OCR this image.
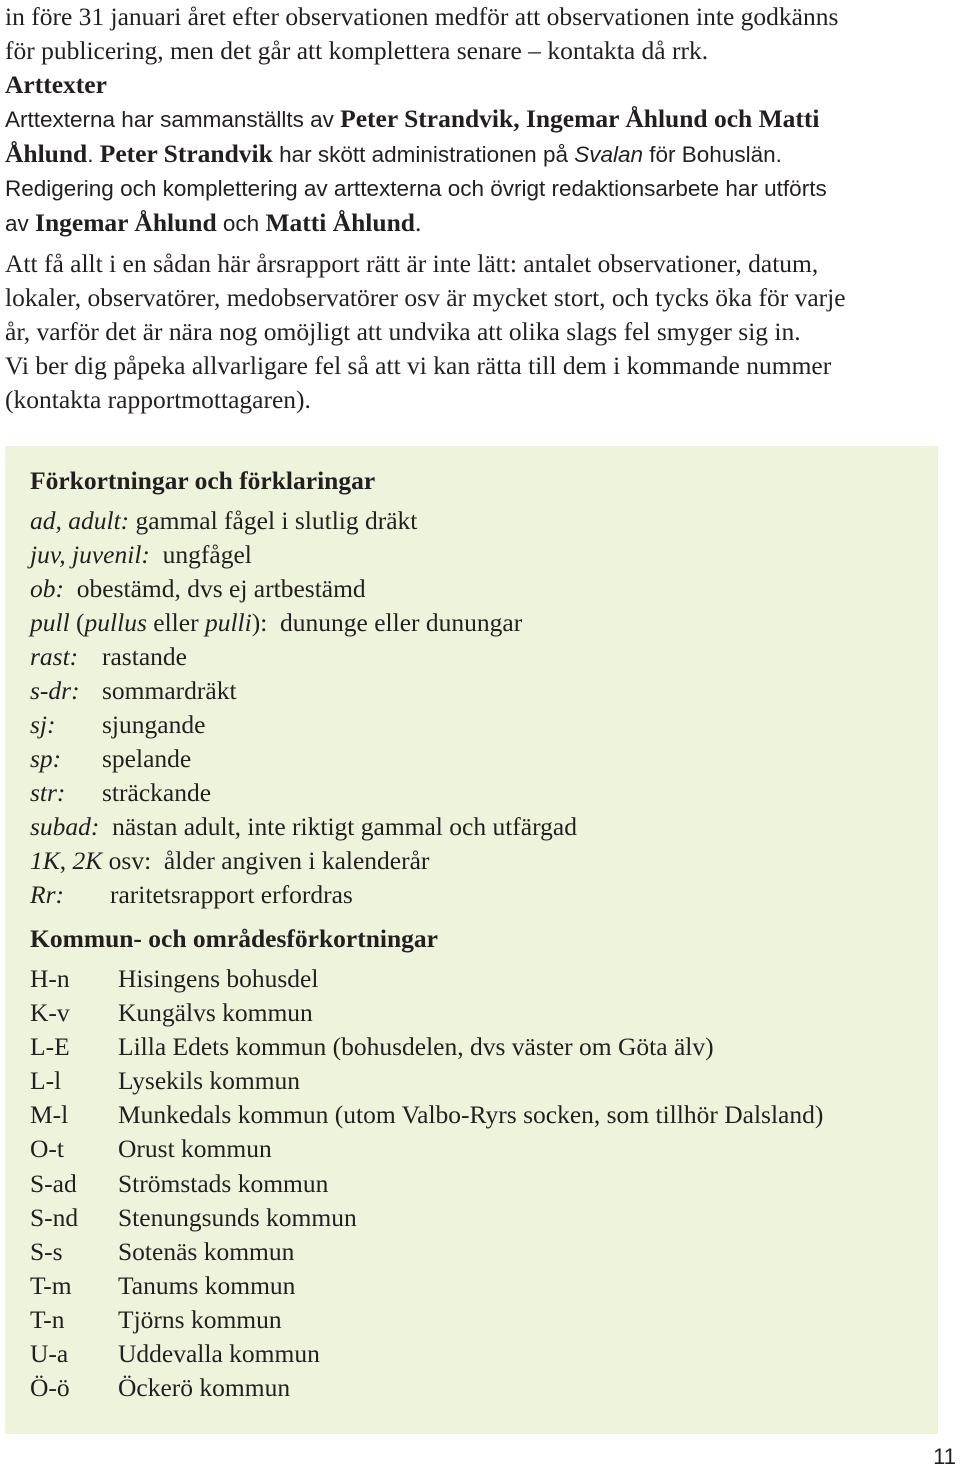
in före 31 januari året efter observationen medför att observationen inte godkänns
för publicering, men det går att komplettera senare – kontakta då rrk.
Arttexter
Arttexterna har sammanställts av Peter Strandvik, Ingemar Åhlund och Matti
Åhlund. Peter Strandvik har skött administrationen på Svalan för Bohuslän.
Redigering och komplettering av arttexterna och övrigt redaktionsarbete har utförts
av Ingemar Åhlund och Matti Åhlund.
Att få allt i en sådan här årsrapport rätt är inte lätt: antalet observationer, datum,
lokaler, observatörer, medobservatörer osv är mycket stort, och tycks öka för varje
år, varför det är nära nog omöjligt att undvika att olika slags fel smyger sig in.
Vi ber dig påpeka allvarligare fel så att vi kan rätta till dem i kommande nummer
(kontakta rapportmottagaren).
Förkortningar och förklaringar
ad, adult: gammal fågel i slutlig dräkt
juv, juvenil: ungfågel
ob: obestämd, dvs ej artbestämd
pull (pullus eller pulli): dununge eller dunungar
rast: rastande
s-dr: sommardräkt
sj: sjungande
sp: spelande
str: sträckande
subad: nästan adult, inte riktigt gammal och utfärgad
1K, 2K osv: ålder angiven i kalenderår
Rr: raritetsrapport erfordras
Kommun- och områdesförkortningar
H-n	Hisingens bohusdel
K-v	Kungälvs kommun
L-E	Lilla Edets kommun (bohusdelen, dvs väster om Göta älv)
L-l	Lysekils kommun
M-l	Munkedals kommun (utom Valbo-Ryrs socken, som tillhör Dalsland)
O-t	Orust kommun
S-ad	Strömstads kommun
S-nd	Stenungsunds kommun
S-s	Sotenäs kommun
T-m	Tanums kommun
T-n	Tjörns kommun
U-a	Uddevalla kommun
Ö-ö	Öckerö kommun
11
